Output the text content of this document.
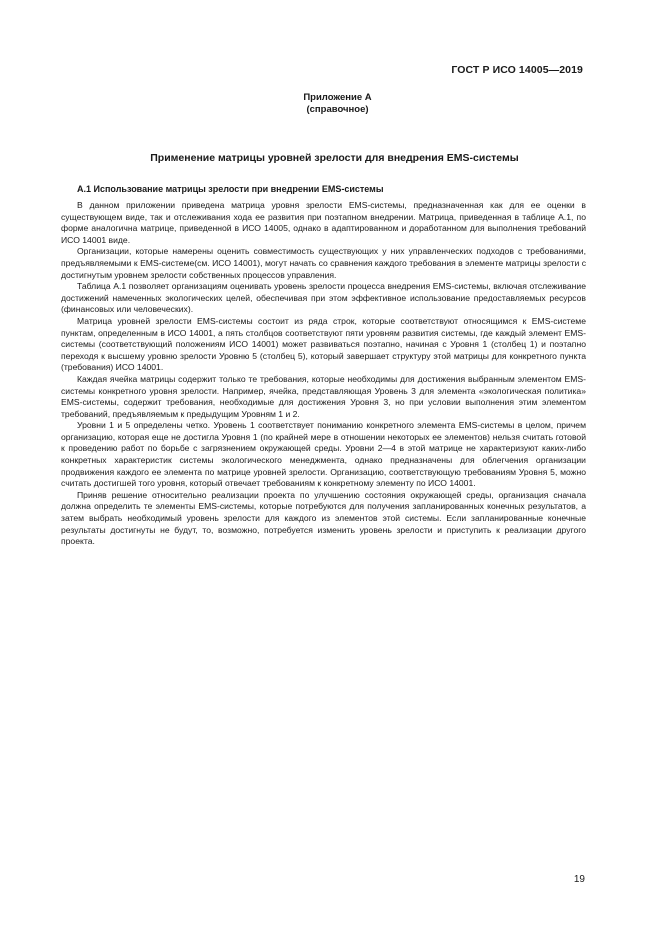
ГОСТ Р ИСО 14005—2019
Приложение А
(справочное)
Применение матрицы уровней зрелости для внедрения EMS-системы
А.1 Использование матрицы зрелости при внедрении EMS-системы

В данном приложении приведена матрица уровня зрелости EMS-системы, предназначенная как для ее оценки в существующем виде, так и отслеживания хода ее развития при поэтапном внедрении. Матрица, приведенная в таблице А.1, по форме аналогична матрице, приведенной в ИСО 14005, однако в адаптированном и доработанном для выполнения требований ИСО 14001 виде.

Организации, которые намерены оценить совместимость существующих у них управленческих подходов с требованиями, предъявляемыми к EMS-системе(см. ИСО 14001), могут начать со сравнения каждого требования в элементе матрицы зрелости с достигнутым уровнем зрелости собственных процессов управления.

Таблица А.1 позволяет организациям оценивать уровень зрелости процесса внедрения EMS-системы, включая отслеживание достижений намеченных экологических целей, обеспечивая при этом эффективное использование предоставляемых ресурсов (финансовых или человеческих).

Матрица уровней зрелости EMS-системы состоит из ряда строк, которые соответствуют относящимся к EMS-системе пунктам, определенным в ИСО 14001, а пять столбцов соответствуют пяти уровням развития системы, где каждый элемент EMS-системы (соответствующий положениям ИСО 14001) может развиваться поэтапно, начиная с Уровня 1 (столбец 1) и поэтапно переходя к высшему уровню зрелости Уровню 5 (столбец 5), который завершает структуру этой матрицы для конкретного пункта (требования) ИСО 14001.

Каждая ячейка матрицы содержит только те требования, которые необходимы для достижения выбранным элементом EMS-системы конкретного уровня зрелости. Например, ячейка, представляющая Уровень 3 для элемента «экологическая политика» EMS-системы, содержит требования, необходимые для достижения Уровня 3, но при условии выполнения этим элементом требований, предъявляемым к предыдущим Уровням 1 и 2.

Уровни 1 и 5 определены четко. Уровень 1 соответствует пониманию конкретного элемента EMS-системы в целом, причем организацию, которая еще не достигла Уровня 1 (по крайней мере в отношении некоторых ее элементов) нельзя считать готовой к проведению работ по борьбе с загрязнением окружающей среды. Уровни 2—4 в этой матрице не характеризуют каких-либо конкретных характеристик системы экологического менеджмента, однако предназначены для облегчения организации продвижения каждого ее элемента по матрице уровней зрелости. Организацию, соответствующую требованиям Уровня 5, можно считать достигшей того уровня, который отвечает требованиям к конкретному элементу по ИСО 14001.

Приняв решение относительно реализации проекта по улучшению состояния окружающей среды, организация сначала должна определить те элементы EMS-системы, которые потребуются для получения запланированных конечных результатов, а затем выбрать необходимый уровень зрелости для каждого из элементов этой системы. Если запланированные конечные результаты достигнуты не будут, то, возможно, потребуется изменить уровень зрелости и приступить к реализации другого проекта.

19
